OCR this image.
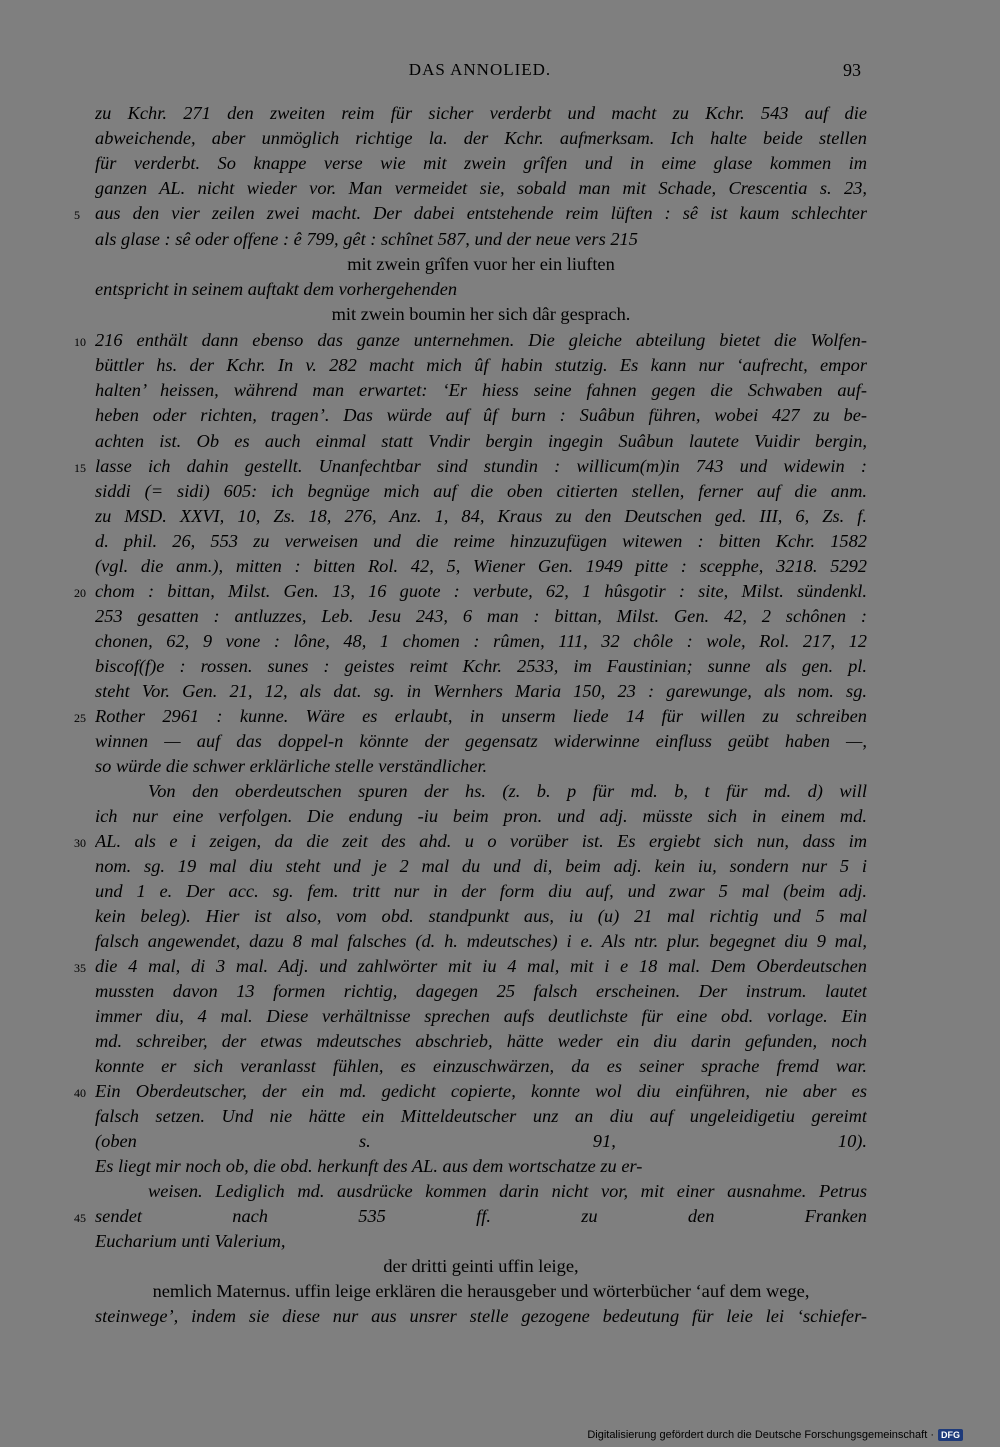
DAS ANNOLIED.	93
zu Kchr. 271 den zweiten reim für sicher verderbt und macht zu Kchr. 543 auf die
abweichende, aber unmöglich richtige la. der Kchr. aufmerksam. Ich halte beide stellen
für verderbt. So knappe verse wie mit zwein grîfen und in eime glase kommen im
ganzen AL. nicht wieder vor. Man vermeidet sie, sobald man mit Schade, Crescentia s. 23,
aus den vier zeilen zwei macht. Der dabei entstehende reim lüften : sê ist kaum schlechter
als glase : sê oder offene : ê 799, gêt : schînet 587, und der neue vers 215
mit zwein grîfen vuor her ein liuften
entspricht in seinem auftakt dem vorhergehenden
mit zwein boumin her sich dâr gesprach.
216 enthält dann ebenso das ganze unternehmen. Die gleiche abteilung bietet die Wolfen-
büttler hs. der Kchr. In v. 282 macht mich ûf habin stutzig. Es kann nur ‘aufrecht, empor
halten’ heissen, während man erwartet: ‘Er hiess seine fahnen gegen die Schwaben auf-
heben oder richten, tragen’. Das würde auf ûf burn : Suâbun führen, wobei 427 zu be-
achten ist. Ob es auch einmal statt Vndir bergin ingegin Suâbun lautete Vuidir bergin,
lasse ich dahin gestellt. Unanfechtbar sind stundin : willicum(m)in 743 und widewin :
siddi (= sidi) 605: ich begnüge mich auf die oben citierten stellen, ferner auf die anm.
zu MSD. XXVI, 10, Zs. 18, 276, Anz. 1, 84, Kraus zu den Deutschen ged. III, 6, Zs. f.
d. phil. 26, 553 zu verweisen und die reime hinzuzufügen witewen : bitten Kchr. 1582
(vgl. die anm.), mitten : bitten Rol. 42, 5, Wiener Gen. 1949 pitte : scepphe, 3218. 5292
chom : bittan, Milst. Gen. 13, 16 guote : verbute, 62, 1 hûsgotir : site, Milst. sündenkl.
253 gesatten : antluzzes, Leb. Jesu 243, 6 man : bittan, Milst. Gen. 42, 2 schônen :
chonen, 62, 9 vone : lône, 48, 1 chomen : rûmen, 111, 32 chôle : wole, Rol. 217, 12
biscof(f)e : rossen. sunes : geistes reimt Kchr. 2533, im Faustinian; sunne als gen. pl.
steht Vor. Gen. 21, 12, als dat. sg. in Wernhers Maria 150, 23 : garewunge, als nom. sg.
Rother 2961 : kunne. Wäre es erlaubt, in unserm liede 14 für willen zu schreiben
winnen — auf das doppel-n könnte der gegensatz widerwinne einfluss geübt haben —,
so würde die schwer erklärliche stelle verständlicher.
Von den oberdeutschen spuren der hs. (z. b. p für md. b, t für md. d) will
ich nur eine verfolgen. Die endung -iu beim pron. und adj. müsste sich in einem md.
AL. als e i zeigen, da die zeit des ahd. u o vorüber ist. Es ergiebt sich nun, dass im
nom. sg. 19 mal diu steht und je 2 mal du und di, beim adj. kein iu, sondern nur 5 i
und 1 e. Der acc. sg. fem. tritt nur in der form diu auf, und zwar 5 mal (beim adj.
kein beleg). Hier ist also, vom obd. standpunkt aus, iu (u) 21 mal richtig und 5 mal
falsch angewendet, dazu 8 mal falsches (d. h. mdeutsches) i e. Als ntr. plur. begegnet diu 9 mal,
die 4 mal, di 3 mal. Adj. und zahlwörter mit iu 4 mal, mit i e 18 mal. Dem Oberdeutschen
mussten davon 13 formen richtig, dagegen 25 falsch erscheinen. Der instrum. lautet
immer diu, 4 mal. Diese verhältnisse sprechen aufs deutlichste für eine obd. vorlage. Ein
md. schreiber, der etwas mdeutsches abschrieb, hätte weder ein diu darin gefunden, noch
konnte er sich veranlasst fühlen, es einzuschwärzen, da es seiner sprache fremd war.
Ein Oberdeutscher, der ein md. gedicht copierte, konnte wol diu einführen, nie aber es
falsch setzen. Und nie hätte ein Mitteldeutscher unz an diu auf ungeleidigetiu gereimt
(oben s. 91, 10).
Es liegt mir noch ob, die obd. herkunft des AL. aus dem wortschatze zu er-
weisen. Lediglich md. ausdrücke kommen darin nicht vor, mit einer ausnahme. Petrus
sendet nach 535 ff. zu den Franken
Eucharium unti Valerium,
der dritti geinti uffin leige,
nemlich Maternus. uffin leige erklären die herausgeber und wörterbücher ‘auf dem wege,
steinwege’, indem sie diese nur aus unsrer stelle gezogene bedeutung für leie lei ‘schiefer-
5
10
15
20
25
30
35
40
45
Digitalisierung gefördert durch die Deutsche Forschungsgemeinschaft · DFG
